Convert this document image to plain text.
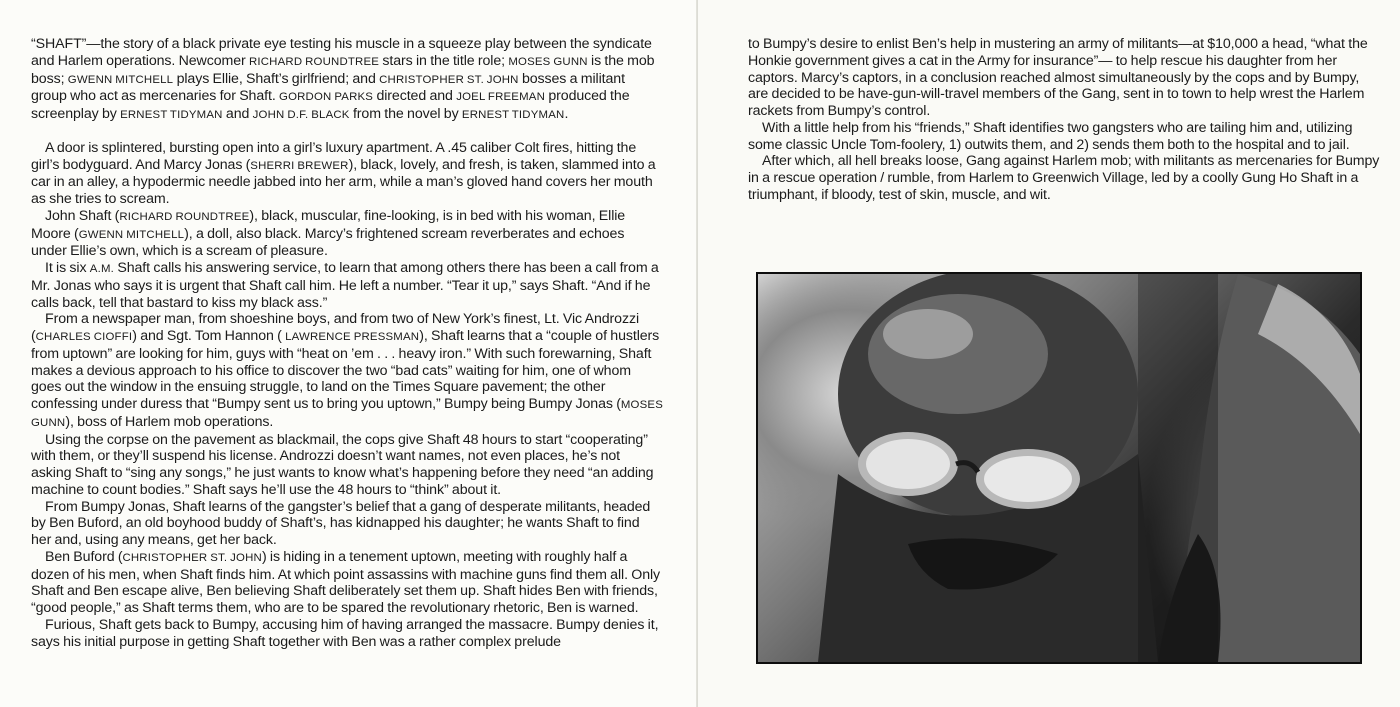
“SHAFT”—the story of a black private eye testing his muscle in a squeeze play between the syndicate and Harlem operations. Newcomer RICHARD ROUNDTREE stars in the title role; MOSES GUNN is the mob boss; GWENN MITCHELL plays Ellie, Shaft’s girlfriend; and CHRISTOPHER ST. JOHN bosses a militant group who act as mercenaries for Shaft. GORDON PARKS directed and JOEL FREEMAN produced the screenplay by ERNEST TIDYMAN and JOHN D.F. BLACK from the novel by ERNEST TIDYMAN.

A door is splintered, bursting open into a girl’s luxury apartment. A .45 caliber Colt fires, hitting the girl’s bodyguard. And Marcy Jonas (SHERRI BREWER), black, lovely, and fresh, is taken, slammed into a car in an alley, a hypodermic needle jabbed into her arm, while a man’s gloved hand covers her mouth as she tries to scream.

John Shaft (RICHARD ROUNDTREE), black, muscular, fine-looking, is in bed with his woman, Ellie Moore (GWENN MITCHELL), a doll, also black. Marcy’s frightened scream reverberates and echoes under Ellie’s own, which is a scream of pleasure.

It is six A.M. Shaft calls his answering service, to learn that among others there has been a call from a Mr. Jonas who says it is urgent that Shaft call him. He left a number. “Tear it up,” says Shaft. “And if he calls back, tell that bastard to kiss my black ass.”

From a newspaper man, from shoeshine boys, and from two of New York’s finest, Lt. Vic Androzzi (CHARLES CIOFFI) and Sgt. Tom Hannon ( LAWRENCE PRESSMAN), Shaft learns that a “couple of hustlers from uptown” are looking for him, guys with “heat on ’em . . . heavy iron.” With such forewarning, Shaft makes a devious approach to his office to discover the two “bad cats” waiting for him, one of whom goes out the window in the ensuing struggle, to land on the Times Square pavement; the other confessing under duress that “Bumpy sent us to bring you uptown,” Bumpy being Bumpy Jonas (MOSES GUNN), boss of Harlem mob operations.

Using the corpse on the pavement as blackmail, the cops give Shaft 48 hours to start “cooperating” with them, or they’ll suspend his license. Androzzi doesn’t want names, not even places, he’s not asking Shaft to “sing any songs,” he just wants to know what’s happening before they need “an adding machine to count bodies.” Shaft says he’ll use the 48 hours to “think” about it.

From Bumpy Jonas, Shaft learns of the gangster’s belief that a gang of desperate militants, headed by Ben Buford, an old boyhood buddy of Shaft’s, has kidnapped his daughter; he wants Shaft to find her and, using any means, get her back.

Ben Buford (CHRISTOPHER ST. JOHN) is hiding in a tenement uptown, meeting with roughly half a dozen of his men, when Shaft finds him. At which point assassins with machine guns find them all. Only Shaft and Ben escape alive, Ben believing Shaft deliberately set them up. Shaft hides Ben with friends, “good people,” as Shaft terms them, who are to be spared the revolutionary rhetoric, Ben is warned.

Furious, Shaft gets back to Bumpy, accusing him of having arranged the massacre. Bumpy denies it, says his initial purpose in getting Shaft together with Ben was a rather complex prelude

to Bumpy’s desire to enlist Ben’s help in mustering an army of militants—at $10,000 a head, “what the Honkie government gives a cat in the Army for insurance”— to help rescue his daughter from her captors. Marcy’s captors, in a conclusion reached almost simultaneously by the cops and by Bumpy, are decided to be have-gun-will-travel members of the Gang, sent in to town to help wrest the Harlem rackets from Bumpy’s control.

With a little help from his “friends,” Shaft identifies two gangsters who are tailing him and, utilizing some classic Uncle Tom-foolery, 1) outwits them, and 2) sends them both to the hospital and to jail.

After which, all hell breaks loose, Gang against Harlem mob; with militants as mercenaries for Bumpy in a rescue operation / rumble, from Harlem to Greenwich Village, led by a coolly Gung Ho Shaft in a triumphant, if bloody, test of skin, muscle, and wit.
